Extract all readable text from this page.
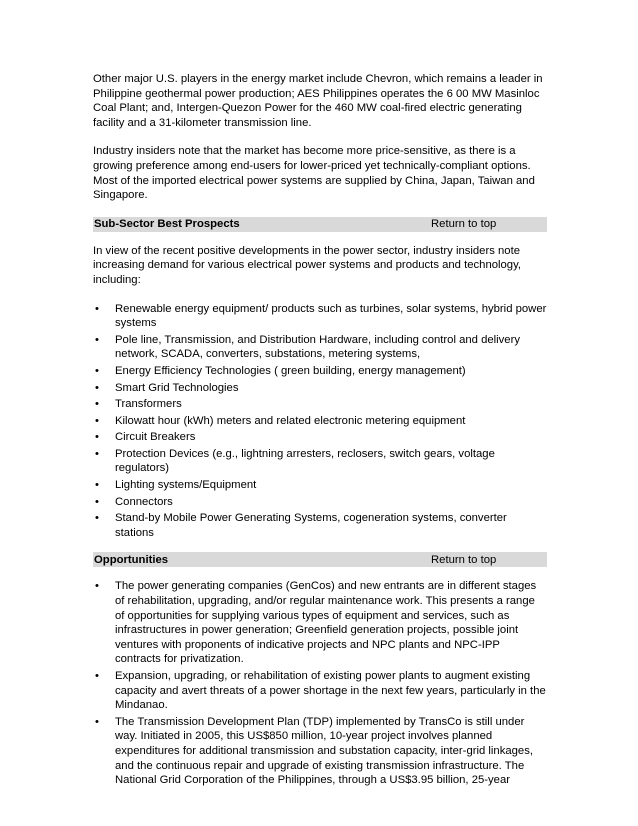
Other major U.S. players in the energy market include Chevron, which remains a leader in Philippine geothermal power production; AES Philippines operates the 6 00 MW Masinloc Coal Plant; and, Intergen-Quezon Power for the 460 MW coal-fired electric generating facility and a 31-kilometer transmission line.

Industry insiders note that the market has become more price-sensitive, as there is a growing preference among end-users for lower-priced yet technically-compliant options. Most of the imported electrical power systems are supplied by China, Japan, Taiwan and Singapore.

Sub-Sector Best Prospects	Return to top

In view of the recent positive developments in the power sector, industry insiders note increasing demand for various electrical power systems and products and technology, including:

•	Renewable energy equipment/ products such as turbines, solar systems, hybrid power systems
•	Pole line, Transmission, and Distribution Hardware, including control and delivery network, SCADA, converters, substations, metering systems,
•	Energy Efficiency Technologies ( green building, energy management)
•	Smart Grid Technologies
•	Transformers
•	Kilowatt hour (kWh) meters and related electronic metering equipment
•	Circuit Breakers
•	Protection Devices (e.g., lightning arresters, reclosers, switch gears, voltage regulators)
•	Lighting systems/Equipment
•	Connectors
•	Stand-by Mobile Power Generating Systems, cogeneration systems, converter stations
Opportunities	Return to top
•	The power generating companies (GenCos) and new entrants are in different stages of rehabilitation, upgrading, and/or regular maintenance work. This presents a range of opportunities for supplying various types of equipment and services, such as infrastructures in power generation; Greenfield generation projects, possible joint ventures with proponents of indicative projects and NPC plants and NPC-IPP contracts for privatization.
•	Expansion, upgrading, or rehabilitation of existing power plants to augment existing capacity and avert threats of a power shortage in the next few years, particularly in the Mindanao.
•	The Transmission Development Plan (TDP) implemented by TransCo is still under way. Initiated in 2005, this US$850 million, 10-year project involves planned expenditures for additional transmission and substation capacity, inter-grid linkages, and the continuous repair and upgrade of existing transmission infrastructure. The National Grid Corporation of the Philippines, through a US$3.95 billion, 25-year
